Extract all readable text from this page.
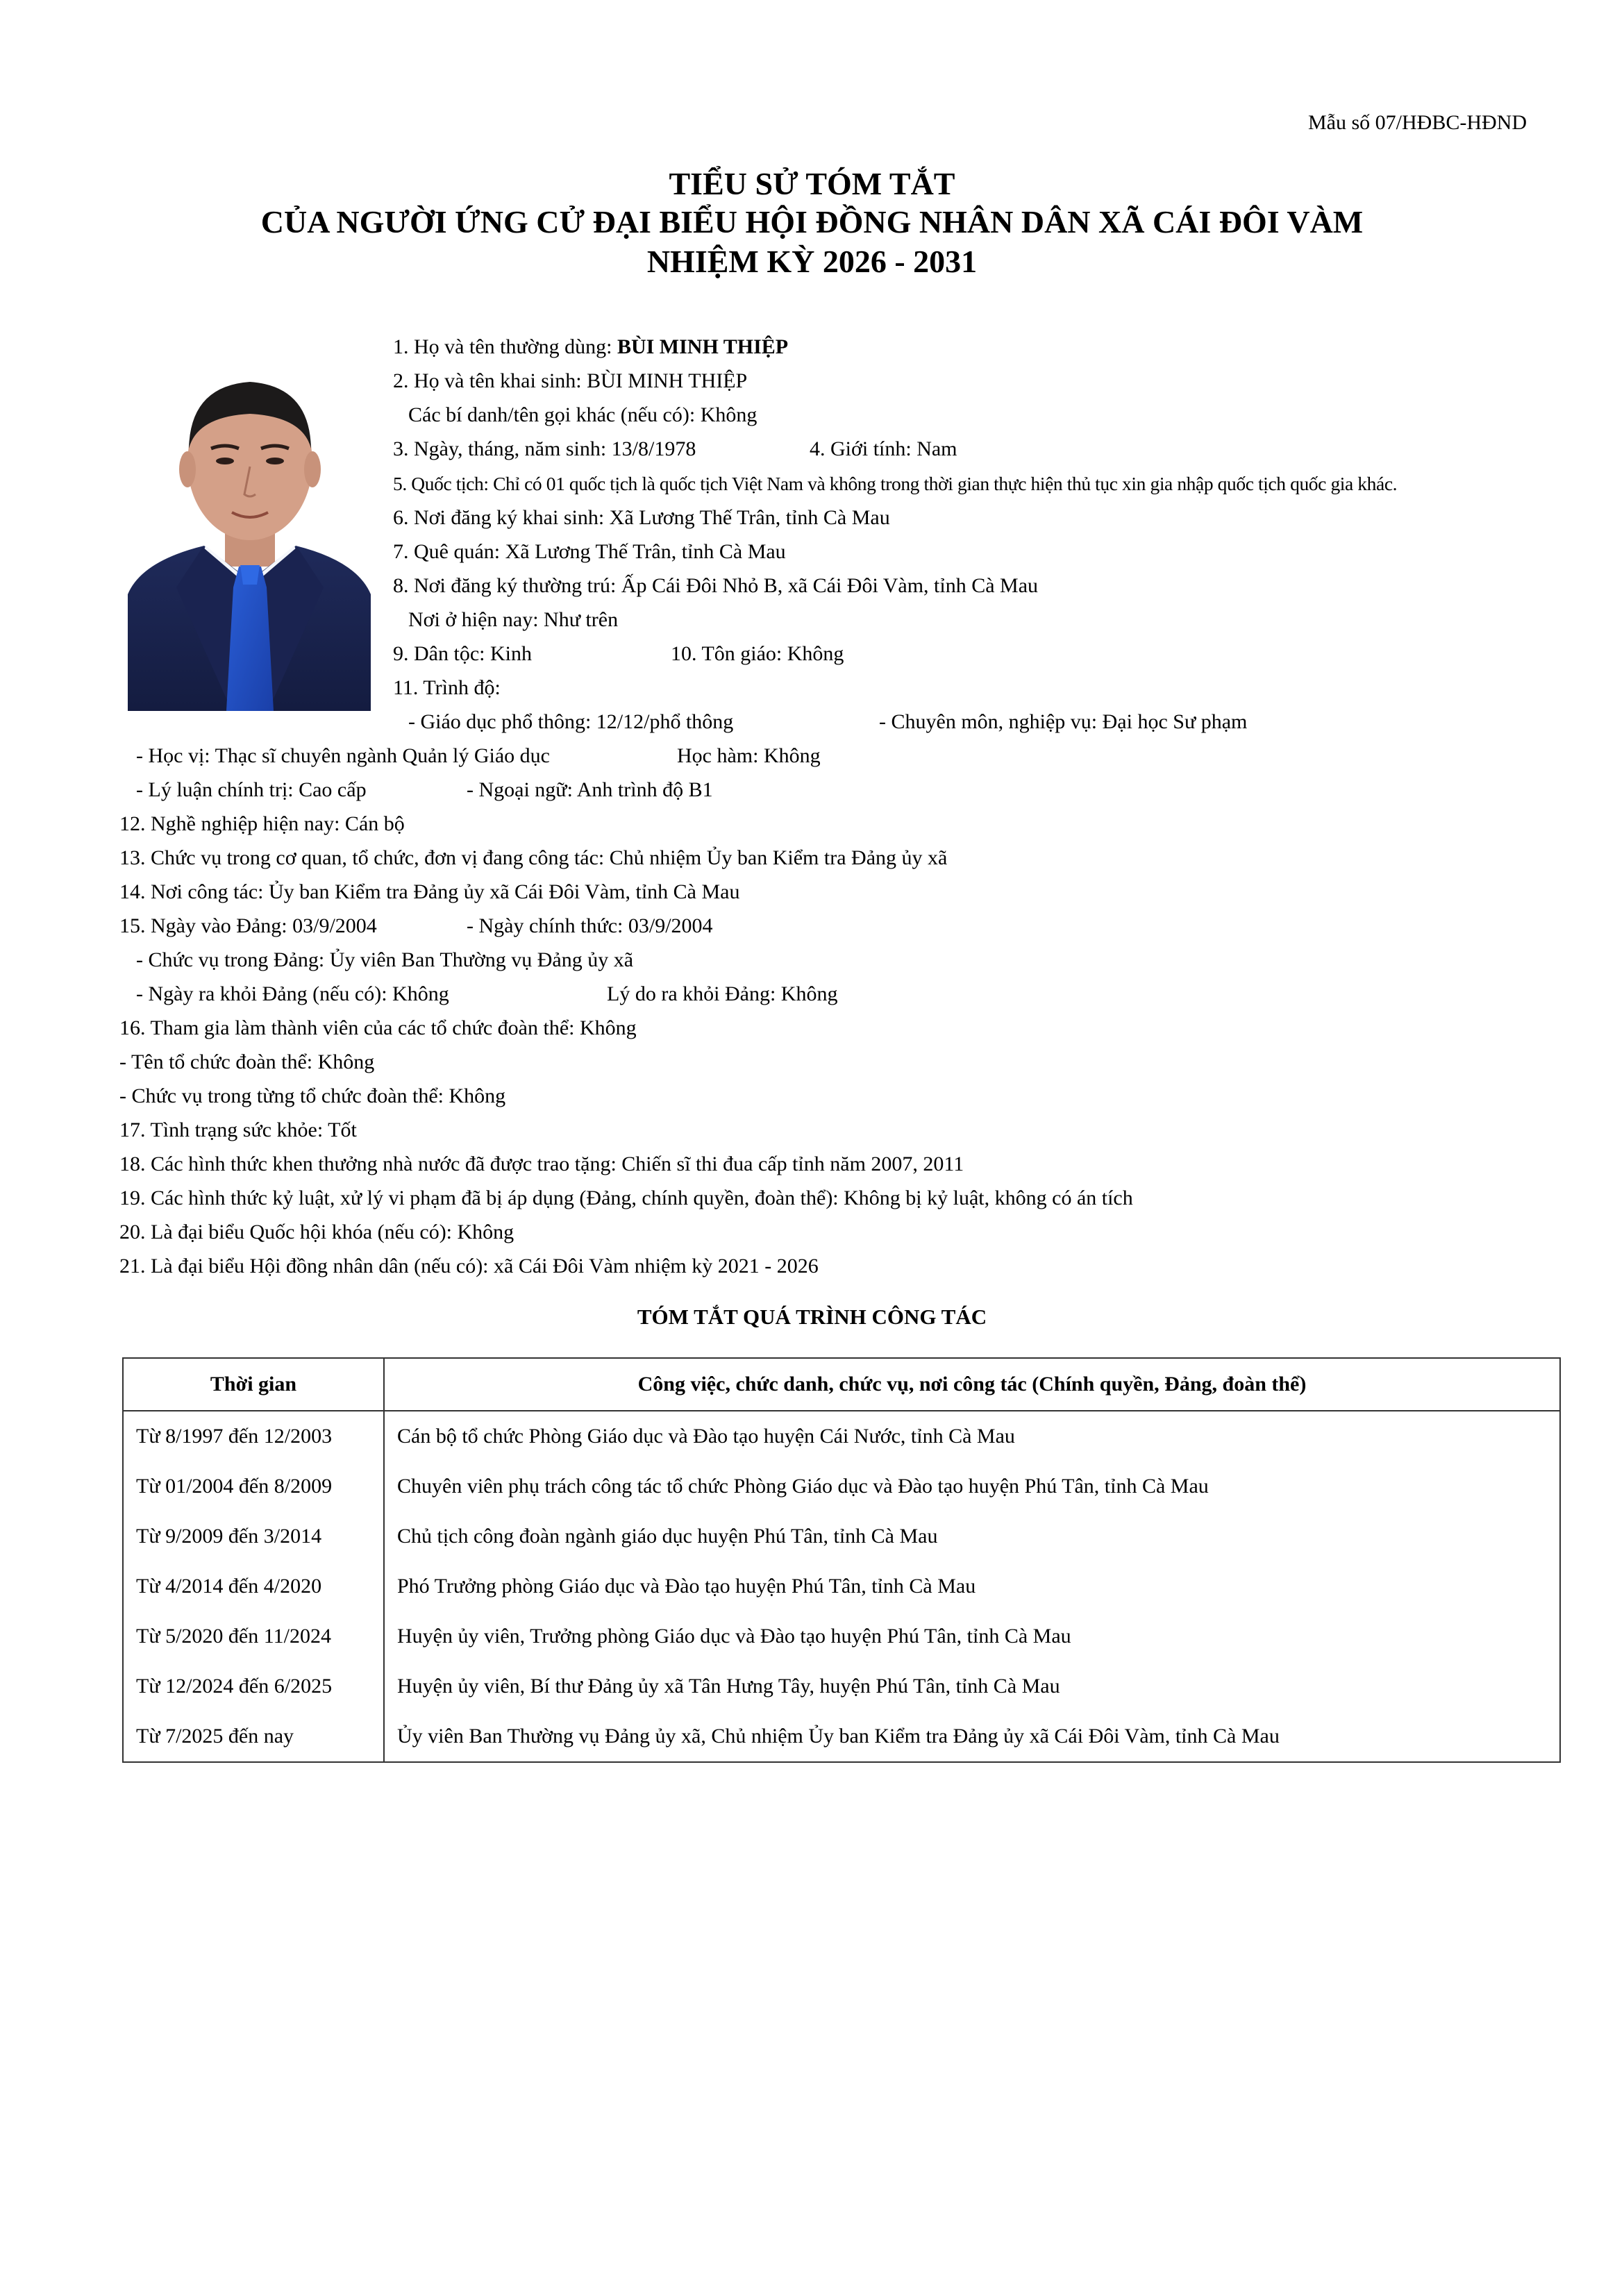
Mẫu số 07/HĐBC-HĐND
TIỂU SỬ TÓM TẮT
CỦA NGƯỜI ỨNG CỬ ĐẠI BIỂU HỘI ĐỒNG NHÂN DÂN XÃ CÁI ĐÔI VÀM
NHIỆM KỲ 2026 - 2031
1. Họ và tên thường dùng: BÙI MINH THIỆP
2. Họ và tên khai sinh: BÙI MINH THIỆP
Các bí danh/tên gọi khác (nếu có): Không
3. Ngày, tháng, năm sinh: 13/8/1978	4. Giới tính: Nam
5. Quốc tịch: Chỉ có 01 quốc tịch là quốc tịch Việt Nam và không trong thời gian thực hiện thủ tục xin gia nhập quốc tịch quốc gia khác.
6. Nơi đăng ký khai sinh: Xã Lương Thế Trân, tỉnh Cà Mau
7. Quê quán: Xã Lương Thế Trân, tỉnh Cà Mau
8. Nơi đăng ký thường trú: Ấp Cái Đôi Nhỏ B, xã Cái Đôi Vàm, tỉnh Cà Mau
Nơi ở hiện nay: Như trên
9. Dân tộc: Kinh	10. Tôn giáo: Không
11. Trình độ:
- Giáo dục phổ thông: 12/12/phổ thông	- Chuyên môn, nghiệp vụ: Đại học Sư phạm
- Học vị: Thạc sĩ chuyên ngành Quản lý Giáo dục	Học hàm: Không
- Lý luận chính trị: Cao cấp	- Ngoại ngữ: Anh trình độ B1
12. Nghề nghiệp hiện nay: Cán bộ
13. Chức vụ trong cơ quan, tổ chức, đơn vị đang công tác: Chủ nhiệm Ủy ban Kiểm tra Đảng ủy xã
14. Nơi công tác: Ủy ban Kiểm tra Đảng ủy xã Cái Đôi Vàm, tỉnh Cà Mau
15. Ngày vào Đảng: 03/9/2004	- Ngày chính thức: 03/9/2004
- Chức vụ trong Đảng: Ủy viên Ban Thường vụ Đảng ủy xã
- Ngày ra khỏi Đảng (nếu có): Không	Lý do ra khỏi Đảng: Không
16. Tham gia làm thành viên của các tổ chức đoàn thể: Không
- Tên tổ chức đoàn thể: Không
- Chức vụ trong từng tổ chức đoàn thể: Không
17. Tình trạng sức khỏe: Tốt
18. Các hình thức khen thưởng nhà nước đã được trao tặng: Chiến sĩ thi đua cấp tỉnh năm 2007, 2011
19. Các hình thức kỷ luật, xử lý vi phạm đã bị áp dụng (Đảng, chính quyền, đoàn thể): Không bị kỷ luật, không có án tích
20. Là đại biểu Quốc hội khóa (nếu có): Không
21. Là đại biểu Hội đồng nhân dân (nếu có): xã Cái Đôi Vàm nhiệm kỳ 2021 - 2026
TÓM TẮT QUÁ TRÌNH CÔNG TÁC
Thời gian	Công việc, chức danh, chức vụ, nơi công tác (Chính quyền, Đảng, đoàn thể)
Từ 8/1997 đến 12/2003	Cán bộ tổ chức Phòng Giáo dục và Đào tạo huyện Cái Nước, tỉnh Cà Mau
Từ 01/2004 đến 8/2009	Chuyên viên phụ trách công tác tổ chức Phòng Giáo dục và Đào tạo huyện Phú Tân, tỉnh Cà Mau
Từ 9/2009 đến 3/2014	Chủ tịch công đoàn ngành giáo dục huyện Phú Tân, tỉnh Cà Mau
Từ 4/2014 đến 4/2020	Phó Trưởng phòng Giáo dục và Đào tạo huyện Phú Tân, tỉnh Cà Mau
Từ 5/2020 đến 11/2024	Huyện ủy viên, Trưởng phòng Giáo dục và Đào tạo huyện Phú Tân, tỉnh Cà Mau
Từ 12/2024 đến 6/2025	Huyện ủy viên, Bí thư Đảng ủy xã Tân Hưng Tây, huyện Phú Tân, tỉnh Cà Mau
Từ 7/2025 đến nay	Ủy viên Ban Thường vụ Đảng ủy xã, Chủ nhiệm Ủy ban Kiểm tra Đảng ủy xã Cái Đôi Vàm, tỉnh Cà Mau
